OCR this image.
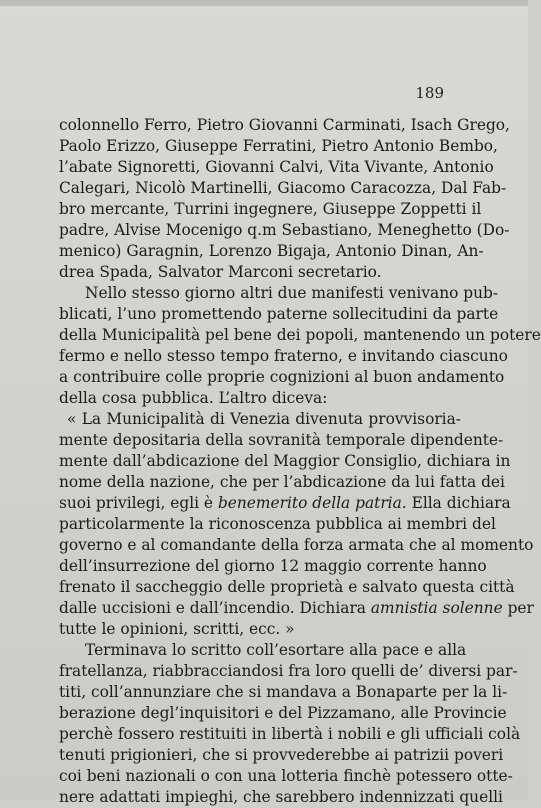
189
colonnello Ferro, Pietro Giovanni Carminati, Isach Grego,
Paolo Erizzo, Giuseppe Ferratini, Pietro Antonio Bembo,
l’abate Signoretti, Giovanni Calvi, Vita Vivante, Antonio
Calegari, Nicolò Martinelli, Giacomo Caracozza, Dal Fab-
bro mercante, Turrini ingegnere, Giuseppe Zoppetti il
padre, Alvise Mocenigo q.m Sebastiano, Meneghetto (Do-
menico) Garagnin, Lorenzo Bigaja, Antonio Dinan, An-
drea Spada, Salvator Marconi secretario.
Nello stesso giorno altri due manifesti venivano pub-
blicati, l’uno promettendo paterne sollecitudini da parte
della Municipalità pel bene dei popoli, mantenendo un potere
fermo e nello stesso tempo fraterno, e invitando ciascuno
a contribuire colle proprie cognizioni al buon andamento
della cosa pubblica. L’altro diceva:
« La Municipalità di Venezia divenuta provvisoria-
mente depositaria della sovranità temporale dipendente-
mente dall’abdicazione del Maggior Consiglio, dichiara in
nome della nazione, che per l’abdicazione da lui fatta dei
suoi privilegi, egli è benemerito della patria. Ella dichiara
particolarmente la riconoscenza pubblica ai membri del
governo e al comandante della forza armata che al momento
dell’insurrezione del giorno 12 maggio corrente hanno
frenato il saccheggio delle proprietà e salvato questa città
dalle uccisioni e dall’incendio. Dichiara amnistia solenne per
tutte le opinioni, scritti, ecc. »
Terminava lo scritto coll’esortare alla pace e alla
fratellanza, riabbracciandosi fra loro quelli de’ diversi par-
titi, coll’annunziare che si mandava a Bonaparte per la li-
berazione degl’inquisitori e del Pizzamano, alle Provincie
perchè fossero restituiti in libertà i nobili e gli ufficiali colà
tenuti prigionieri, che si provvederebbe ai patrizii poveri
coi beni nazionali o con una lotteria finchè potessero otte-
nere adattati impieghi, che sarebbero indennizzati quelli
